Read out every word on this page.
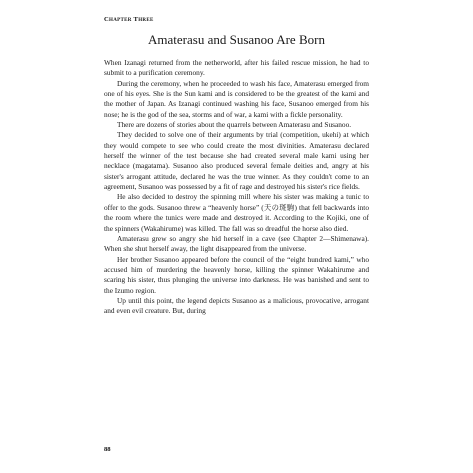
Chapter Three
Amaterasu and Susanoo Are Born

When Izanagi returned from the netherworld, after his failed rescue mission, he had to submit to a purification ceremony.

During the ceremony, when he proceeded to wash his face, Amaterasu emerged from one of his eyes. She is the Sun kami and is considered to be the greatest of the kami and the mother of Japan. As Izanagi continued washing his face, Susanoo emerged from his nose; he is the god of the sea, storms and of war, a kami with a fickle personality.

There are dozens of stories about the quarrels between Amaterasu and Susanoo.

They decided to solve one of their arguments by trial (competition, ukehi) at which they would compete to see who could create the most divinities. Amaterasu declared herself the winner of the test because she had created several male kami using her necklace (magatama). Susanoo also produced several female deities and, angry at his sister's arrogant attitude, declared he was the true winner. As they couldn't come to an agreement, Susanoo was possessed by a fit of rage and destroyed his sister's rice fields.

He also decided to destroy the spinning mill where his sister was making a tunic to offer to the gods. Susanoo threw a “heavenly horse” (天の斑駒) that fell backwards into the room where the tunics were made and destroyed it. According to the Kojiki, one of the spinners (Wakahirume) was killed. The fall was so dreadful the horse also died.

Amaterasu grew so angry she hid herself in a cave (see Chapter 2—Shimenawa). When she shut herself away, the light disappeared from the universe.

Her brother Susanoo appeared before the council of the “eight hundred kami,” who accused him of murdering the heavenly horse, killing the spinner Wakahirume and scaring his sister, thus plunging the universe into darkness. He was banished and sent to the Izumo region.

Up until this point, the legend depicts Susanoo as a malicious, provocative, arrogant and even evil creature. But, during

88
